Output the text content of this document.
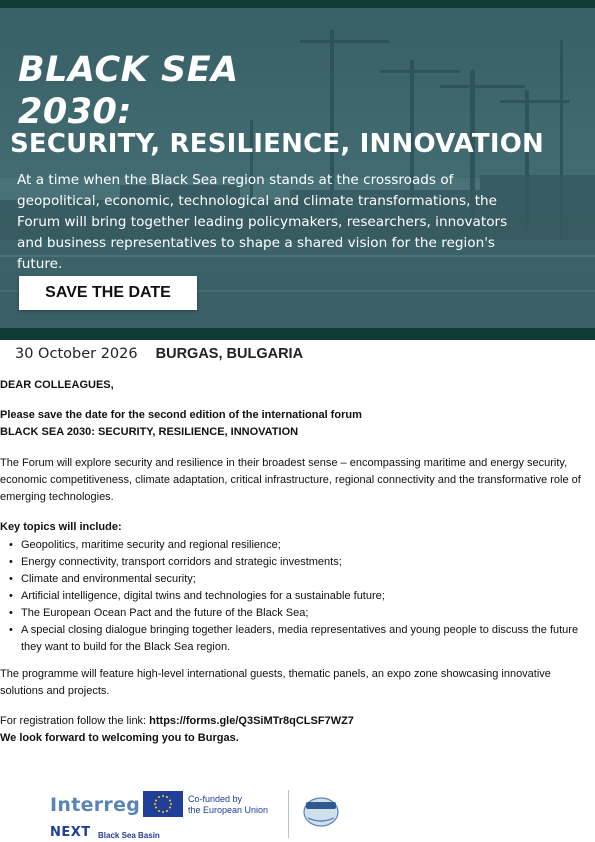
BLACK SEA
2030:
SECURITY, RESILIENCE, INNOVATION

At a time when the Black Sea region stands at the crossroads of geopolitical, economic, technological and climate transformations, the Forum will bring together leading policymakers, researchers, innovators and business representatives to shape a shared vision for the region's future.

SAVE THE DATE
30 October 2026 BURGAS, BULGARIA

DEAR COLLEAGUES,

Please save the date for the second edition of the international forum

BLACK SEA 2030: SECURITY, RESILIENCE, INNOVATION

The Forum will explore security and resilience in their broadest sense – encompassing maritime and energy security, economic competitiveness, climate adaptation, critical infrastructure, regional connectivity and the transformative role of emerging technologies.

Key topics will include:

• Geopolitics, maritime security and regional resilience;
• Energy connectivity, transport corridors and strategic investments;
• Climate and environmental security;
• Artificial intelligence, digital twins and technologies for a sustainable future;
• The European Ocean Pact and the future of the Black Sea;
• A special closing dialogue bringing together leaders, media representatives and young people to discuss the future they want to build for the Black Sea region.

The programme will feature high-level international guests, thematic panels, an expo zone showcasing innovative solutions and projects.

For registration follow the link: https://forms.gle/Q3SiMTr8qCLSF7WZ7

We look forward to welcoming you to Burgas.

Interreg	Co-funded by
the European Union
NEXT Black Sea Basin
